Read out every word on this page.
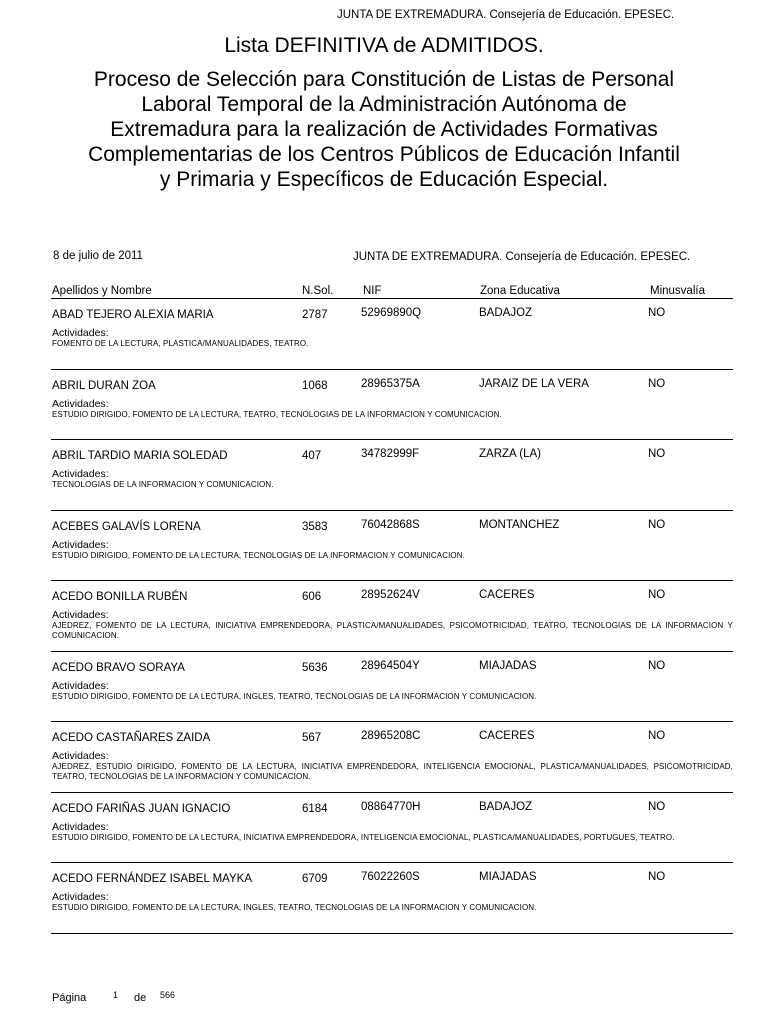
JUNTA DE EXTREMADURA. Consejería de Educación. EPESEC.
Lista DEFINITIVA de ADMITIDOS.
Proceso de Selección para Constitución de Listas de Personal
Laboral Temporal de la Administración Autónoma de
Extremadura para la realización de Actividades Formativas
Complementarias de los Centros Públicos de Educación Infantil
y Primaria y Específicos de Educación Especial.
8 de julio de 2011	JUNTA DE EXTREMADURA. Consejería de Educación. EPESEC.
Apellidos y Nombre	N.Sol.	NIF	Zona Educativa	Minusvalía
ABAD TEJERO ALEXIA MARIA	2787	52969890Q	BADAJOZ	NO
Actividades:
FOMENTO DE LA LECTURA, PLASTICA/MANUALIDADES, TEATRO.
ABRIL DURAN ZOA	1068	28965375A	JARAIZ DE LA VERA	NO
Actividades:
ESTUDIO DIRIGIDO, FOMENTO DE LA LECTURA, TEATRO, TECNOLOGIAS DE LA INFORMACION Y COMUNICACION.
ABRIL TARDIO MARIA SOLEDAD	407	34782999F	ZARZA (LA)	NO
Actividades:
TECNOLOGIAS DE LA INFORMACION Y COMUNICACION.
ACEBES GALAVÍS LORENA	3583	76042868S	MONTANCHEZ	NO
Actividades:
ESTUDIO DIRIGIDO, FOMENTO DE LA LECTURA, TECNOLOGIAS DE LA INFORMACION Y COMUNICACION.
ACEDO BONILLA RUBÉN	606	28952624V	CACERES	NO
Actividades:
AJEDREZ, FOMENTO DE LA LECTURA, INICIATIVA EMPRENDEDORA, PLASTICA/MANUALIDADES, PSICOMOTRICIDAD, TEATRO, TECNOLOGIAS DE LA INFORMACION Y COMUNICACION.
ACEDO BRAVO SORAYA	5636	28964504Y	MIAJADAS	NO
Actividades:
ESTUDIO DIRIGIDO, FOMENTO DE LA LECTURA, INGLES, TEATRO, TECNOLOGIAS DE LA INFORMACION Y COMUNICACION.
ACEDO CASTAÑARES ZAIDA	567	28965208C	CACERES	NO
Actividades:
AJEDREZ, ESTUDIO DIRIGIDO, FOMENTO DE LA LECTURA, INICIATIVA EMPRENDEDORA, INTELIGENCIA EMOCIONAL, PLASTICA/MANUALIDADES, PSICOMOTRICIDAD, TEATRO, TECNOLOGIAS DE LA INFORMACION Y COMUNICACION.
ACEDO FARIÑAS JUAN IGNACIO	6184	08864770H	BADAJOZ	NO
Actividades:
ESTUDIO DIRIGIDO, FOMENTO DE LA LECTURA, INICIATIVA EMPRENDEDORA, INTELIGENCIA EMOCIONAL, PLASTICA/MANUALIDADES, PORTUGUES, TEATRO.
ACEDO FERNÁNDEZ ISABEL MAYKA	6709	76022260S	MIAJADAS	NO
Actividades:
ESTUDIO DIRIGIDO, FOMENTO DE LA LECTURA, INGLES, TEATRO, TECNOLOGIAS DE LA INFORMACION Y COMUNICACION.
Página	1 de 566
